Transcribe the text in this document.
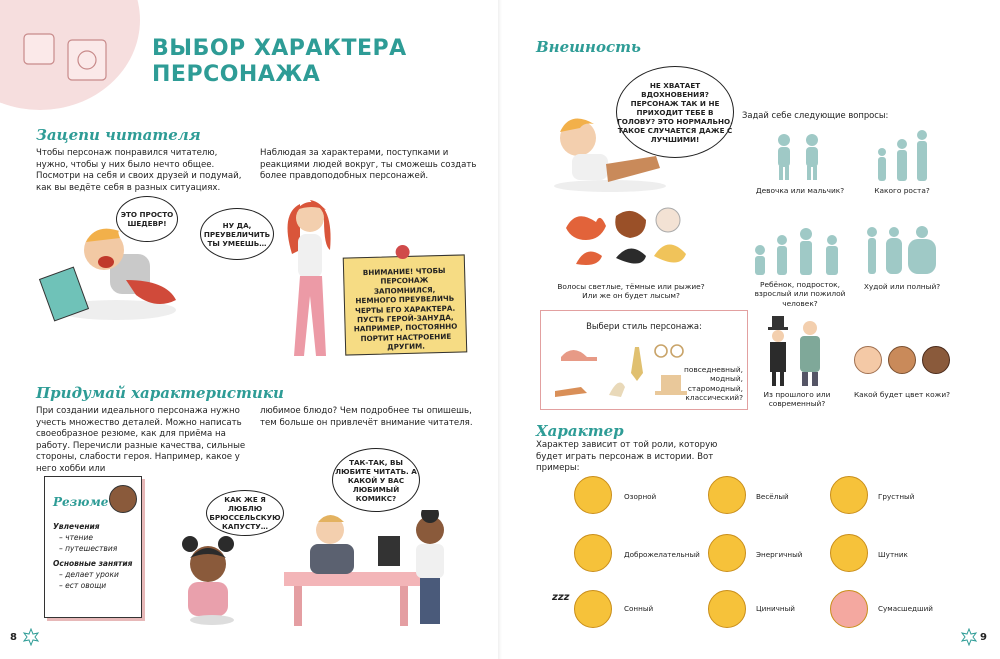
ВЫБОР ХАРАКТЕРА
ПЕРСОНАЖА
Зацепи читателя
Чтобы персонаж понравился читателю, нужно, чтобы у них было нечто общее. Посмотри на себя и своих друзей и подумай, как вы ведёте себя в разных ситуациях.
Наблюдая за характерами, поступками и реакциями людей вокруг, ты сможешь создать более правдоподобных персонажей.
ЭТО ПРОСТО ШЕДЕВР!	НУ ДА, ПРЕУВЕЛИЧИТЬ ТЫ УМЕЕШЬ…
ВНИМАНИЕ! ЧТОБЫ ПЕРСОНАЖ ЗАПОМНИЛСЯ, НЕМНОГО ПРЕУВЕЛИЧЬ ЧЕРТЫ ЕГО ХАРАКТЕРА. ПУСТЬ ГЕРОЙ-ЗАНУДА, НАПРИМЕР, ПОСТОЯННО ПОРТИТ НАСТРОЕНИЕ ДРУГИМ.
Придумай характеристики
При создании идеального персонажа нужно учесть множество деталей. Можно написать своеобразное резюме, как для приёма на работу. Перечисли разные качества, сильные стороны, слабости героя. Например, какое у него хобби или
любимое блюдо? Чем подробнее ты опишешь, тем больше он привлечёт внимание читателя.
Резюме
Увлечения
– чтение
– путешествия
Основные занятия
– делает уроки
– ест овощи
КАК ЖЕ Я ЛЮБЛЮ БРЮССЕЛЬСКУЮ КАПУСТУ…
ТАК-ТАК, ВЫ ЛЮБИТЕ ЧИТАТЬ. А КАКОЙ У ВАС ЛЮБИМЫЙ КОМИКС?
8
Внешность
НЕ ХВАТАЕТ ВДОХНОВЕНИЯ? ПЕРСОНАЖ ТАК И НЕ ПРИХОДИТ ТЕБЕ В ГОЛОВУ? ЭТО НОРМАЛЬНО. ТАКОЕ СЛУЧАЕТСЯ ДАЖЕ С ЛУЧШИМИ!
Задай себе следующие вопросы:
Девочка или мальчик?	Какого роста?
Волосы светлые, тёмные или рыжие? Или же он будет лысым?
Ребёнок, подросток, взрослый или пожилой человек?
Худой или полный?
Выбери стиль персонажа:
повседневный, модный, старомодный, классический?	Из прошлого или современный?
Какой будет цвет кожи?
Характер
Характер зависит от той роли, которую будет играть персонаж в истории. Вот примеры:
Озорной	Весёлый	Грустный
Доброжелательный	Энергичный	Шутник
zzz
Сонный	Циничный	Сумасшедший
9
